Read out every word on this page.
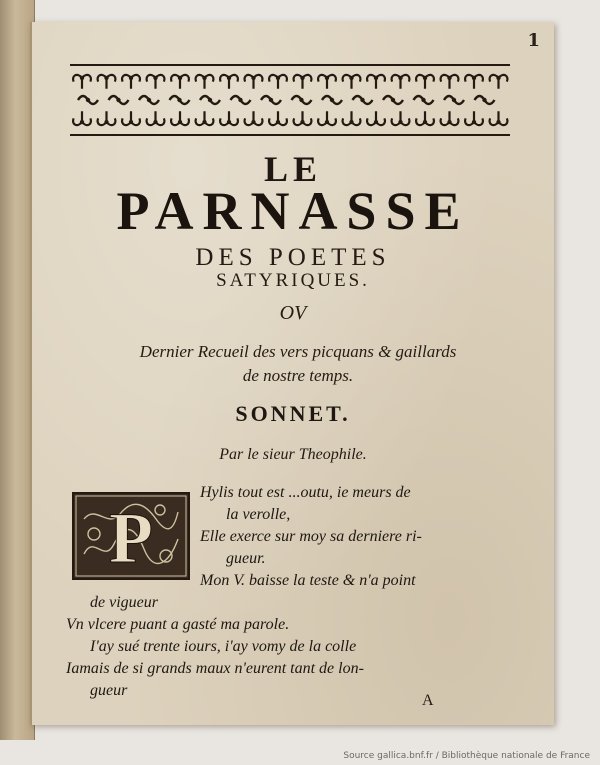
1

LE
PARNASSE
DES POETES
SATYRIQUES.
OV
Dernier Recueil des vers picquans & gaillards
de nostre temps.
SONNET.
Par le sieur Theophile.
P
Hylis tout est ...outu, ie meurs de
la verolle,
Elle exerce sur moy sa derniere ri-
gueur.
Mon V. baisse la teste & n'a point
de vigueur
Vn vlcere puant a gasté ma parole.
I'ay sué trente iours, i'ay vomy de la colle
Iamais de si grands maux n'eurent tant de lon-
gueur
A
Source gallica.bnf.fr / Bibliothèque nationale de France
